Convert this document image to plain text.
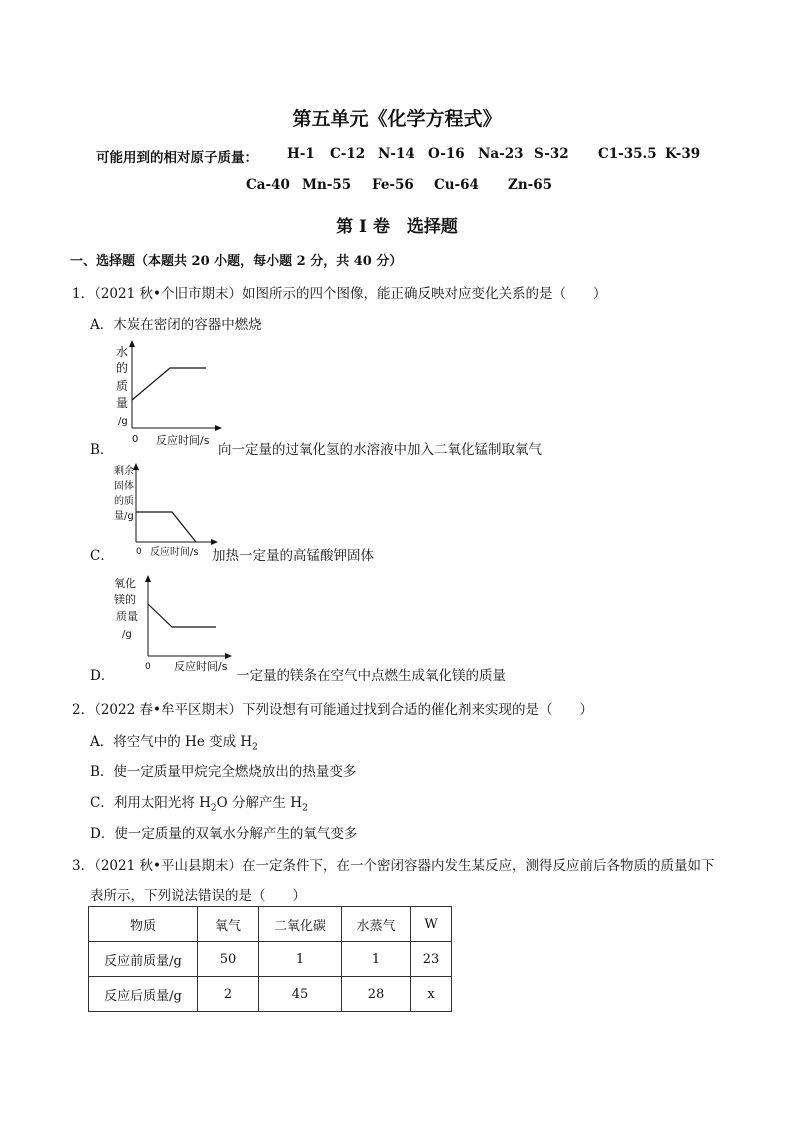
第五单元《化学方程式》
可能用到的相对原子质量： H-1 C-12 N-14 O-16 Na-23 S-32 C1-35.5 K-39
Ca-40 Mn-55 Fe-56 Cu-64 Zn-65
第 I 卷　选择题
一、选择题（本题共 20 小题，每小题 2 分，共 40 分）
1．（2021 秋•个旧市期末）如图所示的四个图像，能正确反映对应变化关系的是（　　）
A．木炭在密闭的容器中燃烧
水
的
质
量
/g
0 反应时间/s
B．	向一定量的过氧化氢的水溶液中加入二氧化锰制取氧气
剩余
固体
的质
量/g
0 反应时间/s
C．	加热一定量的高锰酸钾固体
氧化
镁的
质量
/g
0 反应时间/s
D．	一定量的镁条在空气中点燃生成氧化镁的质量
2．（2022 春•牟平区期末）下列设想有可能通过找到合适的催化剂来实现的是（　　）
A．将空气中的 He 变成 $H_2$
B．使一定质量甲烷完全燃烧放出的热量变多
C．利用太阳光将 $H_2O$ 分解产生 $H_2$
D．使一定质量的双氧水分解产生的氧气变多
3．（2021 秋•平山县期末）在一定条件下，在一个密闭容器内发生某反应，测得反应前后各物质的质量如下
表所示，下列说法错误的是（　　）
物质	氧气	二氧化碳	水蒸气	W
反应前质量/g	50	1	1	23
反应后质量/g	2	45	28	x
